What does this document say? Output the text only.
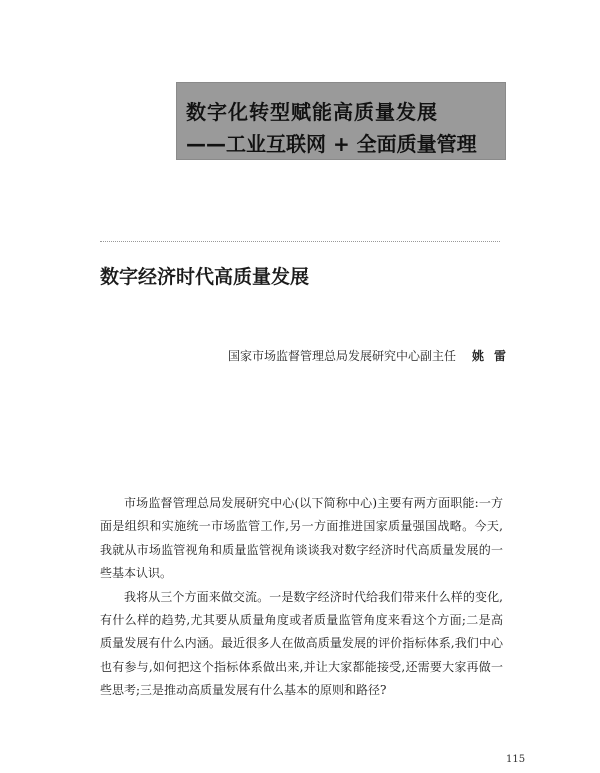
数字化转型赋能高质量发展
——工业互联网 + 全面质量管理
数字经济时代高质量发展
国家市场监督管理总局发展研究中心副主任 姚雷

市场监督管理总局发展研究中心(以下简称中心)主要有两方面职能:一方面是组织和实施统一市场监管工作,另一方面推进国家质量强国战略。今天,我就从市场监管视角和质量监管视角谈谈我对数字经济时代高质量发展的一些基本认识。

我将从三个方面来做交流。一是数字经济时代给我们带来什么样的变化,有什么样的趋势,尤其要从质量角度或者质量监管角度来看这个方面;二是高质量发展有什么内涵。最近很多人在做高质量发展的评价指标体系,我们中心也有参与,如何把这个指标体系做出来,并让大家都能接受,还需要大家再做一些思考;三是推动高质量发展有什么基本的原则和路径?

115
